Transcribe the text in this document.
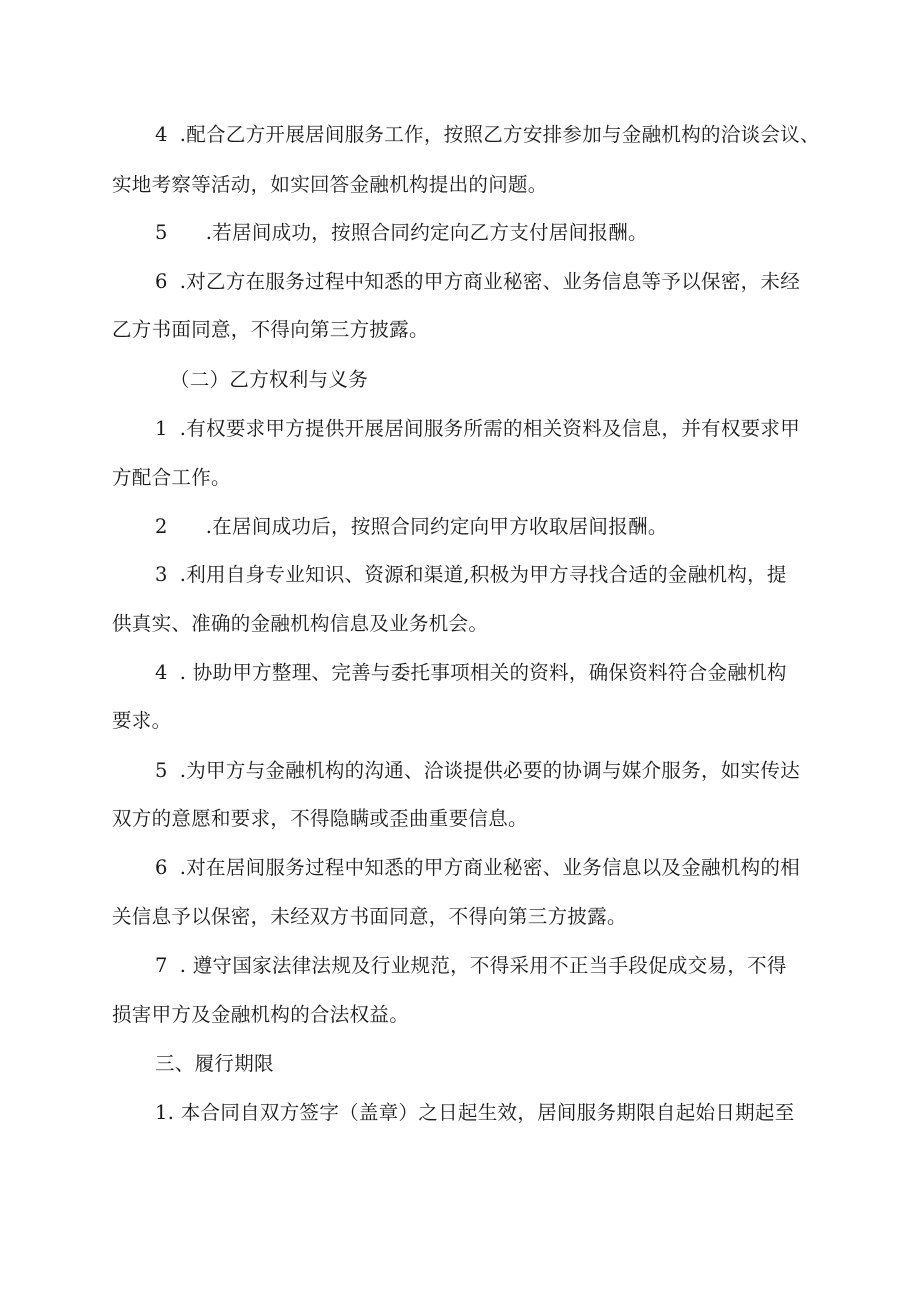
4 .配合乙方开展居间服务工作，按照乙方安排参加与金融机构的洽谈会议、

实地考察等活动，如实回答金融机构提出的问题。

5 .若居间成功，按照合同约定向乙方支付居间报酬。

6 .对乙方在服务过程中知悉的甲方商业秘密、业务信息等予以保密，未经

乙方书面同意，不得向第三方披露。

（二）乙方权利与义务

1 .有权要求甲方提供开展居间服务所需的相关资料及信息，并有权要求甲

方配合工作。

2 .在居间成功后，按照合同约定向甲方收取居间报酬。

3 .利用自身专业知识、资源和渠道,积极为甲方寻找合适的金融机构，提

供真实、准确的金融机构信息及业务机会。

4 . 协助甲方整理、完善与委托事项相关的资料，确保资料符合金融机构

要求。

5 .为甲方与金融机构的沟通、洽谈提供必要的协调与媒介服务，如实传达

双方的意愿和要求，不得隐瞒或歪曲重要信息。

6 .对在居间服务过程中知悉的甲方商业秘密、业务信息以及金融机构的相

关信息予以保密，未经双方书面同意，不得向第三方披露。

7 . 遵守国家法律法规及行业规范，不得采用不正当手段促成交易，不得

损害甲方及金融机构的合法权益。

三、履行期限

1. 本合同自双方签字（盖章）之日起生效，居间服务期限自起始日期起至
